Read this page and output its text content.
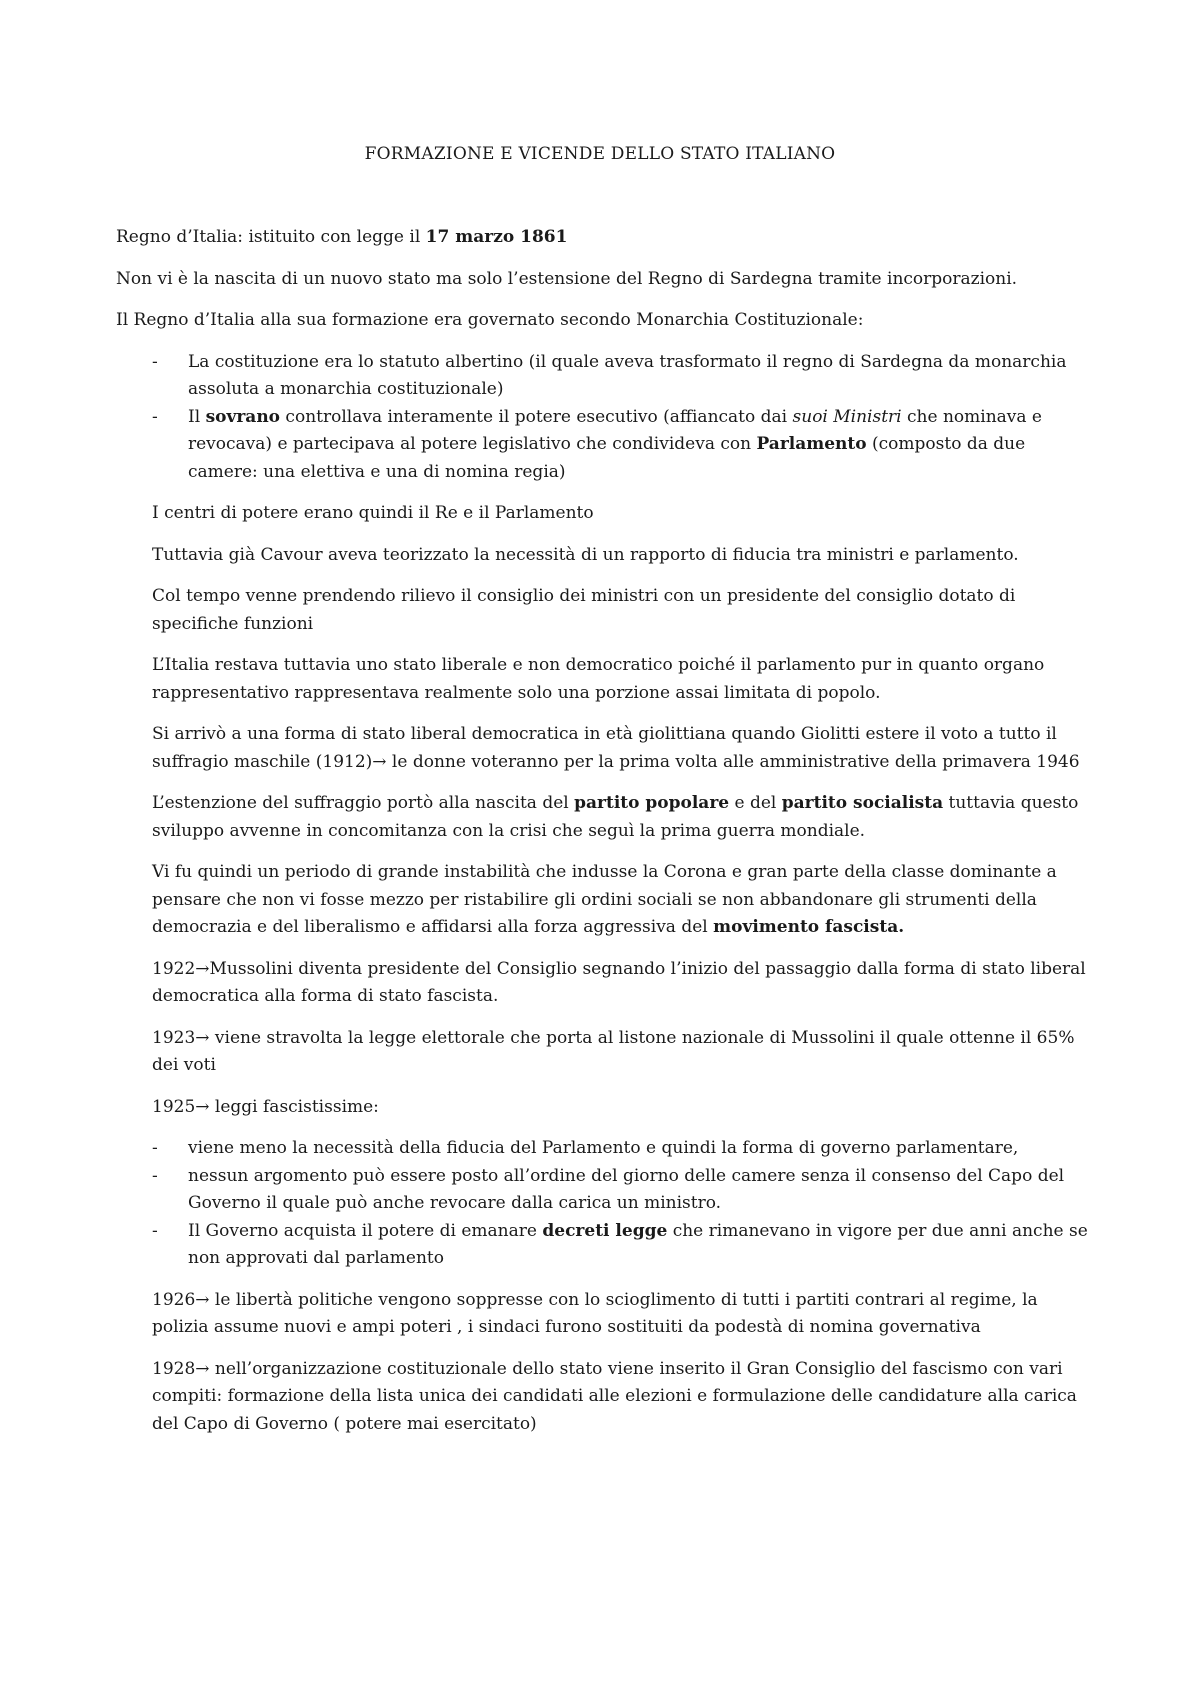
FORMAZIONE E VICENDE DELLO STATO ITALIANO

Regno d’Italia: istituito con legge il 17 marzo 1861

Non vi è la nascita di un nuovo stato ma solo l’estensione del Regno di Sardegna tramite incorporazioni.

Il Regno d’Italia alla sua formazione era governato secondo Monarchia Costituzionale:

- La costituzione era lo statuto albertino (il quale aveva trasformato il regno di Sardegna da monarchia assoluta a monarchia costituzionale)
- Il sovrano controllava interamente il potere esecutivo (affiancato dai suoi Ministri che nominava e revocava) e partecipava al potere legislativo che condivideva con Parlamento (composto da due camere: una elettiva e una di nomina regia)

I centri di potere erano quindi il Re e il Parlamento

Tuttavia già Cavour aveva teorizzato la necessità di un rapporto di fiducia tra ministri e parlamento.

Col tempo venne prendendo rilievo il consiglio dei ministri con un presidente del consiglio dotato di specifiche funzioni

L’Italia restava tuttavia uno stato liberale e non democratico poiché il parlamento pur in quanto organo rappresentativo rappresentava realmente solo una porzione assai limitata di popolo.

Si arrivò a una forma di stato liberal democratica in età giolittiana quando Giolitti estere il voto a tutto il suffragio maschile (1912)→ le donne voteranno per la prima volta alle amministrative della primavera 1946

L’estenzione del suffraggio portò alla nascita del partito popolare e del partito socialista tuttavia questo sviluppo avvenne in concomitanza con la crisi che seguì la prima guerra mondiale.

Vi fu quindi un periodo di grande instabilità che indusse la Corona e gran parte della classe dominante a pensare che non vi fosse mezzo per ristabilire gli ordini sociali se non abbandonare gli strumenti della democrazia e del liberalismo e affidarsi alla forza aggressiva del movimento fascista.

1922→Mussolini diventa presidente del Consiglio segnando l’inizio del passaggio dalla forma di stato liberal democratica alla forma di stato fascista.

1923→ viene stravolta la legge elettorale che porta al listone nazionale di Mussolini il quale ottenne il 65% dei voti

1925→ leggi fascistissime:

- viene meno la necessità della fiducia del Parlamento e quindi la forma di governo parlamentare,
- nessun argomento può essere posto all’ordine del giorno delle camere senza il consenso del Capo del Governo il quale può anche revocare dalla carica un ministro.
- Il Governo acquista il potere di emanare decreti legge che rimanevano in vigore per due anni anche se non approvati dal parlamento

1926→ le libertà politiche vengono soppresse con lo scioglimento di tutti i partiti contrari al regime, la polizia assume nuovi e ampi poteri , i sindaci furono sostituiti da podestà di nomina governativa

1928→ nell’organizzazione costituzionale dello stato viene inserito il Gran Consiglio del fascismo con vari compiti: formazione della lista unica dei candidati alle elezioni e formulazione delle candidature alla carica del Capo di Governo ( potere mai esercitato)
